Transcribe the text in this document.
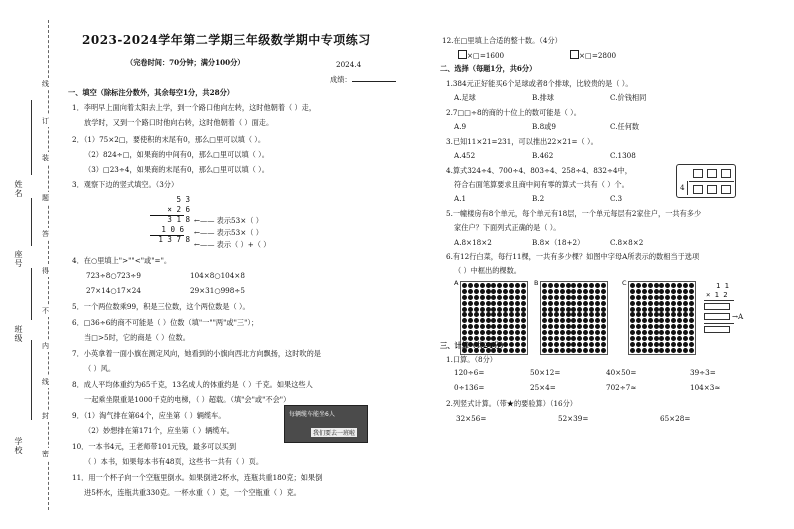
学校
班级
座号
姓名
密
封
线
内
不
得
答
题
装
订
线
2023-2024学年第二学期三年级数学期中专项练习
（完卷时间：70分钟；满分100分）	2024.4
成绩：
一、填空（除标注分数外，其余每空1分，共28分）
1．李明早上面向着太阳去上学，到一个路口他向左转，这时他朝着（ ）走，
放学时，又到一个路口时他向右转，这时他朝着（ ）面走。
2．（1）75×2□，要使积的末尾有0，那么□里可以填（ ）。
（2）824÷□，如果商的中间有0，那么□里可以填（ ）。
（3）□23÷4，如果商的末尾有0，那么□里可以填（ ）。
3．观察下边的竖式填空。（3分）
5 3
× 2 6
3 1 8
1 0 6
1 3 7 8
←—— 表示53×（ ）
←—— 表示53×（ ）
←—— 表示（ ）+（ ）
4．在○里填上">""<"或"="。
723÷8○723÷9	104×8○104×8
27×14○17×24	29×31○998÷5
5．一个两位数乘99，积是三位数，这个两位数是（ ）。
6．□36÷6的商不可能是（ ）位数（填"一""两"或"三"）；
当□>5时，它的商是（ ）位数。
7．小英拿着一面小旗在测定风向，她看到的小旗向西北方向飘扬，这时吹的是
（ ）风。
8．成人平均体重约为65千克，13名成人的体重约是（ ）千克。如果这些人
一起乘坐限重是1000千克的电梯，（ ）超载。（填"会"或"不会"）
9．（1）淘气排在第64个，应坐第（ ）辆缆车。
（2）妙想排在第171个，应坐第（ ）辆缆车。
每辆缆车能坐6人
我们要去一班啦
10．一本书4元，王老师带101元钱，最多可以买到
（ ）本书，如果每本书有48页，这些书一共有（ ）页。
11．用一个杯子向一个空瓶里倒水。如果倒进2杯水，连瓶共重180克；如果倒
进5杯水，连瓶共重330克。一杯水重（ ）克，一个空瓶重（ ）克。
12.在□里填上合适的整十数。（4分）
×□=1600	×□=2800
二、选择（每题1分，共6分）
1.384元正好能买6个足球或者8个排球，比较贵的是（ ）。
A.足球	B.排球	C.价钱相同
2.7□□÷8的商的十位上的数可能是（ ）。
A.9	B.8或9	C.任何数
3.已知11×21=231，可以推出22×21=（ ）。
A.452	B.462	C.1308
4.算式324÷4、700÷4、803÷4、258÷4、832÷4中，
符合右面笔算要求且商中间有零的算式一共有（ ）个。
A.1	B.2	C.3
4
5.一幢楼房有8个单元，每个单元有18层，一个单元每层有2家住户，一共有多少
家住户？下面列式正确的是（ ）。
A.8×18×2	B.8×（18+2）	C.8×8×2
6.有12行白菜，每行11棵，一共有多少棵？如图中字母A所表示的数相当于选项
（ ）中框出的棵数。
A	B	C	1 1
× 1 2
→A
三、计算（共24分）
1.口算。（8分）
120÷6=	50×12=	40×50=	39÷3=
0÷136=	25×4=	702÷7≈	104×3≈
2.列竖式计算。（带★的要验算）（16分）
32×56=	52×39=	65×28=
